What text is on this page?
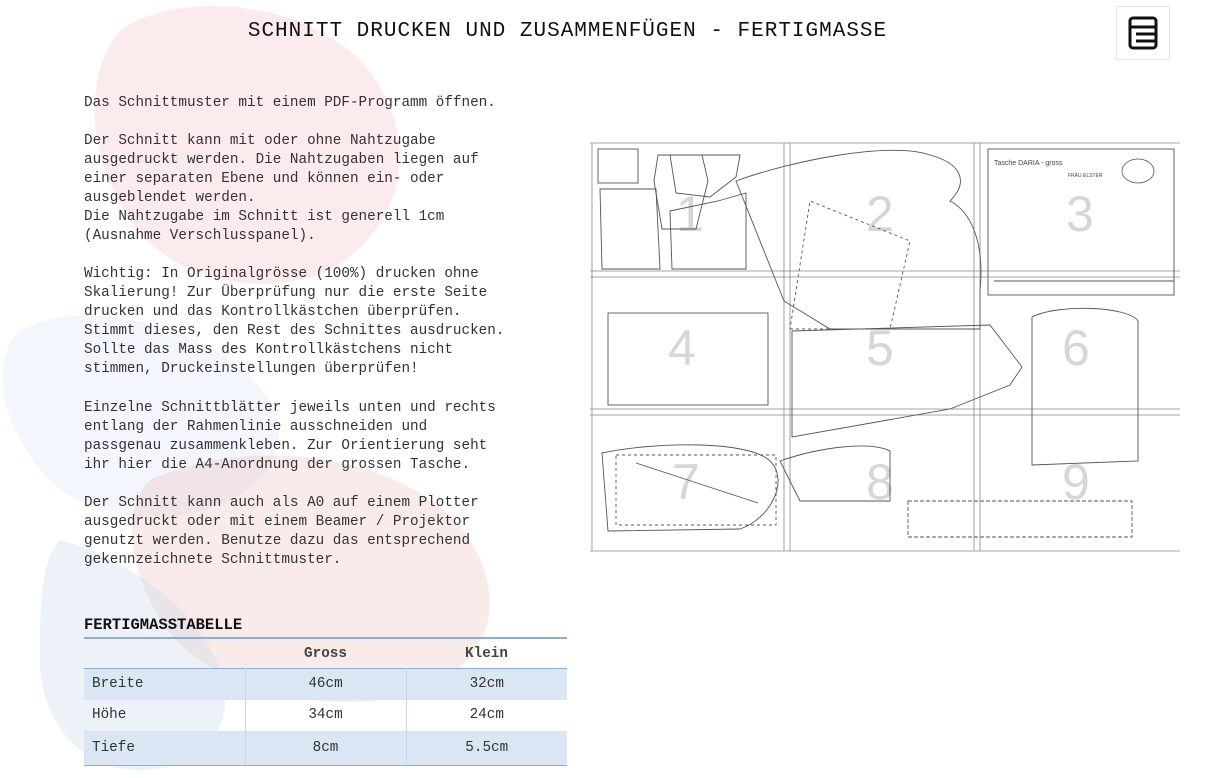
SCHNITT DRUCKEN UND ZUSAMMENFÜGEN - FERTIGMASSE

Das Schnittmuster mit einem PDF-Programm öffnen.

Der Schnitt kann mit oder ohne Nahtzugabe
ausgedruckt werden. Die Nahtzugaben liegen auf
einer separaten Ebene und können ein- oder
ausgeblendet werden.
Die Nahtzugabe im Schnitt ist generell 1cm
(Ausnahme Verschlusspanel).

Wichtig: In Originalgrösse (100%) drucken ohne
Skalierung! Zur Überprüfung nur die erste Seite
drucken und das Kontrollkästchen überprüfen.
Stimmt dieses, den Rest des Schnittes ausdrucken.
Sollte das Mass des Kontrollkästchens nicht
stimmen, Druckeinstellungen überprüfen!

Einzelne Schnittblätter jeweils unten und rechts
entlang der Rahmenlinie ausschneiden und
passgenau zusammenkleben. Zur Orientierung seht
ihr hier die A4-Anordnung der grossen Tasche.

Der Schnitt kann auch als A0 auf einem Plotter
ausgedruckt oder mit einem Beamer / Projektor
genutzt werden. Benutze dazu das entsprechend
gekennzeichnete Schnittmuster.

1	2	3
4	5	6
7	8	9
Tasche DARIA - gross
FRAU ELSTER
FERTIGMASSTABELLE
	Gross	Klein
Breite	46cm	32cm
Höhe	34cm	24cm
Tiefe	8cm	5.5cm
